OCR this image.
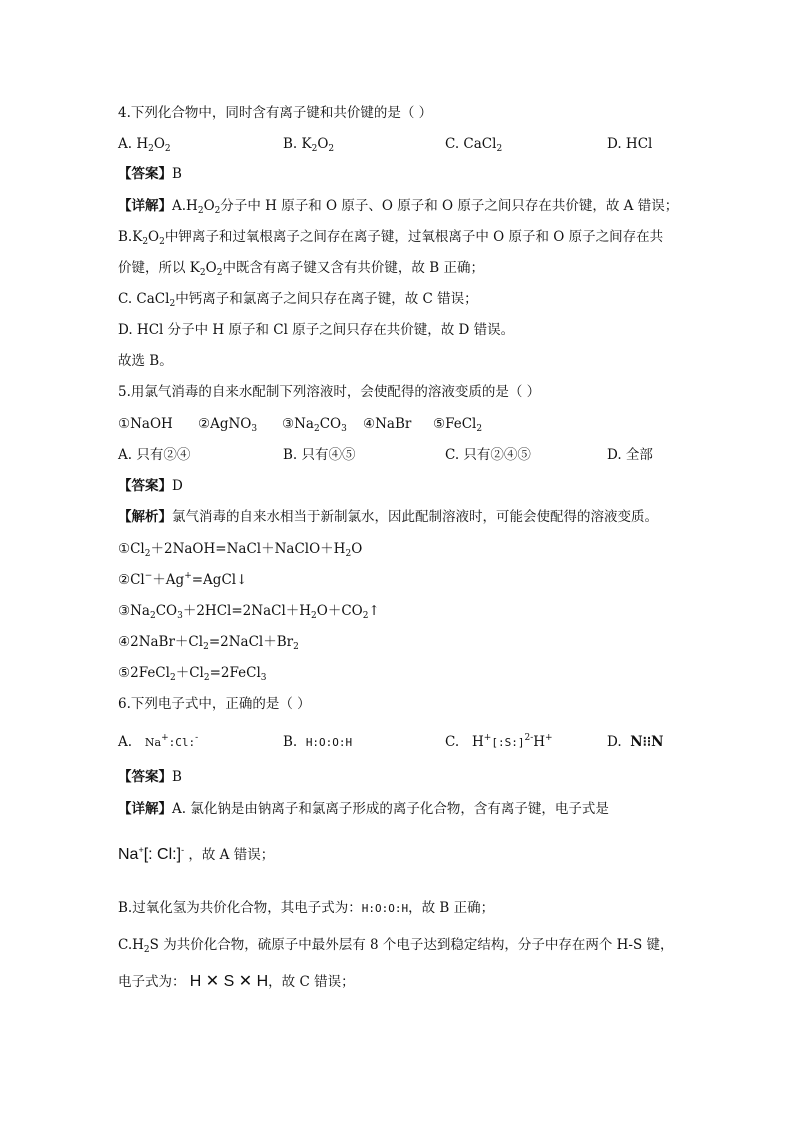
4.下列化合物中，同时含有离子键和共价键的是（ ）
A. $H_2O_2$	B. $K_2O_2$	C. CaCl$_2$	D. HCl
【答案】B
【详解】$A.H_2O_2$分子中 H 原子和 O 原子、O 原子和 O 原子之间只存在共价键，故 A 错误；
$B.K_2O_2$中钾离子和过氧根离子之间存在离子键，过氧根离子中 O 原子和 O 原子之间存在共
价键，所以 $K_2O_2$中既含有离子键又含有共价键，故 B 正确；
C. CaCl$_2$中钙离子和氯离子之间只存在离子键，故 C 错误；
D. HCl 分子中 H 原子和 Cl 原子之间只存在共价键，故 D 错误。
故选 B。
5.用氯气消毒的自来水配制下列溶液时，会使配得的溶液变质的是（ ）
①NaOH ②AgNO$_3$ $③Na_2CO_3$ ④NaBr ⑤FeCl$_2$
A. 只有②④	B. 只有④⑤	C. 只有②④⑤	D. 全部
【答案】D
【解析】氯气消毒的自来水相当于新制氯水，因此配制溶液时，可能会使配得的溶液变质。
$①Cl_2+2NaOH=NaCl+NaClO+H_2O$
②Cl−＋Ag+=AgCl↓
$③Na_2CO_3+2HCl=2NaCl+H_2O+CO_2↑$
$④2NaBr+Cl_2=2NaCl+Br_2$
$⑤2FeCl_2+Cl_2=2FeCl_3$
6.下列电子式中，正确的是（ ）
A. Na+:Cl:-	B. H:O:O:H	C. H+[:S:]$^{2-}$H+	D. N⁝⁝N
【答案】B
【详解】A. 氯化钠是由钠离子和氯离子形成的离子化合物，含有离子键，电子式是
Na+[: Cl:]- ，故 A 错误；
B.过氧化氢为共价化合物，其电子式为：H:O:O:H，故 B 正确；
$C.H_2S$ 为共价化合物，硫原子中最外层有 8 个电子达到稳定结构，分子中存在两个 H-S 键，
电子式为： H ✕ S ✕ H，故 C 错误；
